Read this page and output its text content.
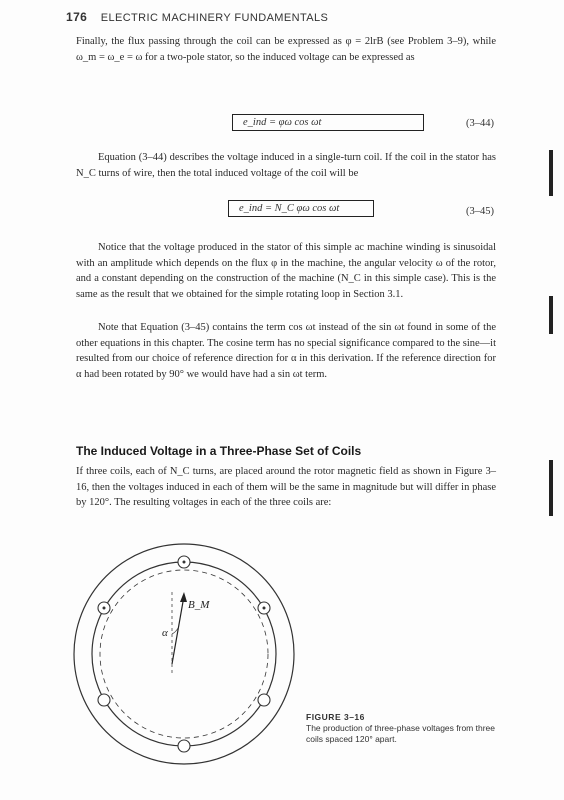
176 ELECTRIC MACHINERY FUNDAMENTALS

Finally, the flux passing through the coil can be expressed as φ = 2lrB (see Problem 3–9), while ω_m = ω_e = ω for a two-pole stator, so the induced voltage can be expressed as

e_ind = φω cos ωt	(3–44)

Equation (3–44) describes the voltage induced in a single-turn coil. If the coil in the stator has N_C turns of wire, then the total induced voltage of the coil will be

e_ind = N_C φω cos ωt	(3–45)

Notice that the voltage produced in the stator of this simple ac machine winding is sinusoidal with an amplitude which depends on the flux φ in the machine, the angular velocity ω of the rotor, and a constant depending on the construction of the machine (N_C in this simple case). This is the same as the result that we obtained for the simple rotating loop in Section 3.1.

Note that Equation (3–45) contains the term cos ωt instead of the sin ωt found in some of the other equations in this chapter. The cosine term has no special significance compared to the sine—it resulted from our choice of reference direction for α in this derivation. If the reference direction for α had been rotated by 90° we would have had a sin ωt term.

The Induced Voltage in a Three-Phase Set of Coils

If three coils, each of N_C turns, are placed around the rotor magnetic field as shown in Figure 3–16, then the voltages induced in each of them will be the same in magnitude but will differ in phase by 120°. The resulting voltages in each of the three coils are:

B_M
α
FIGURE 3–16
The production of three-phase voltages from three coils spaced 120° apart.
